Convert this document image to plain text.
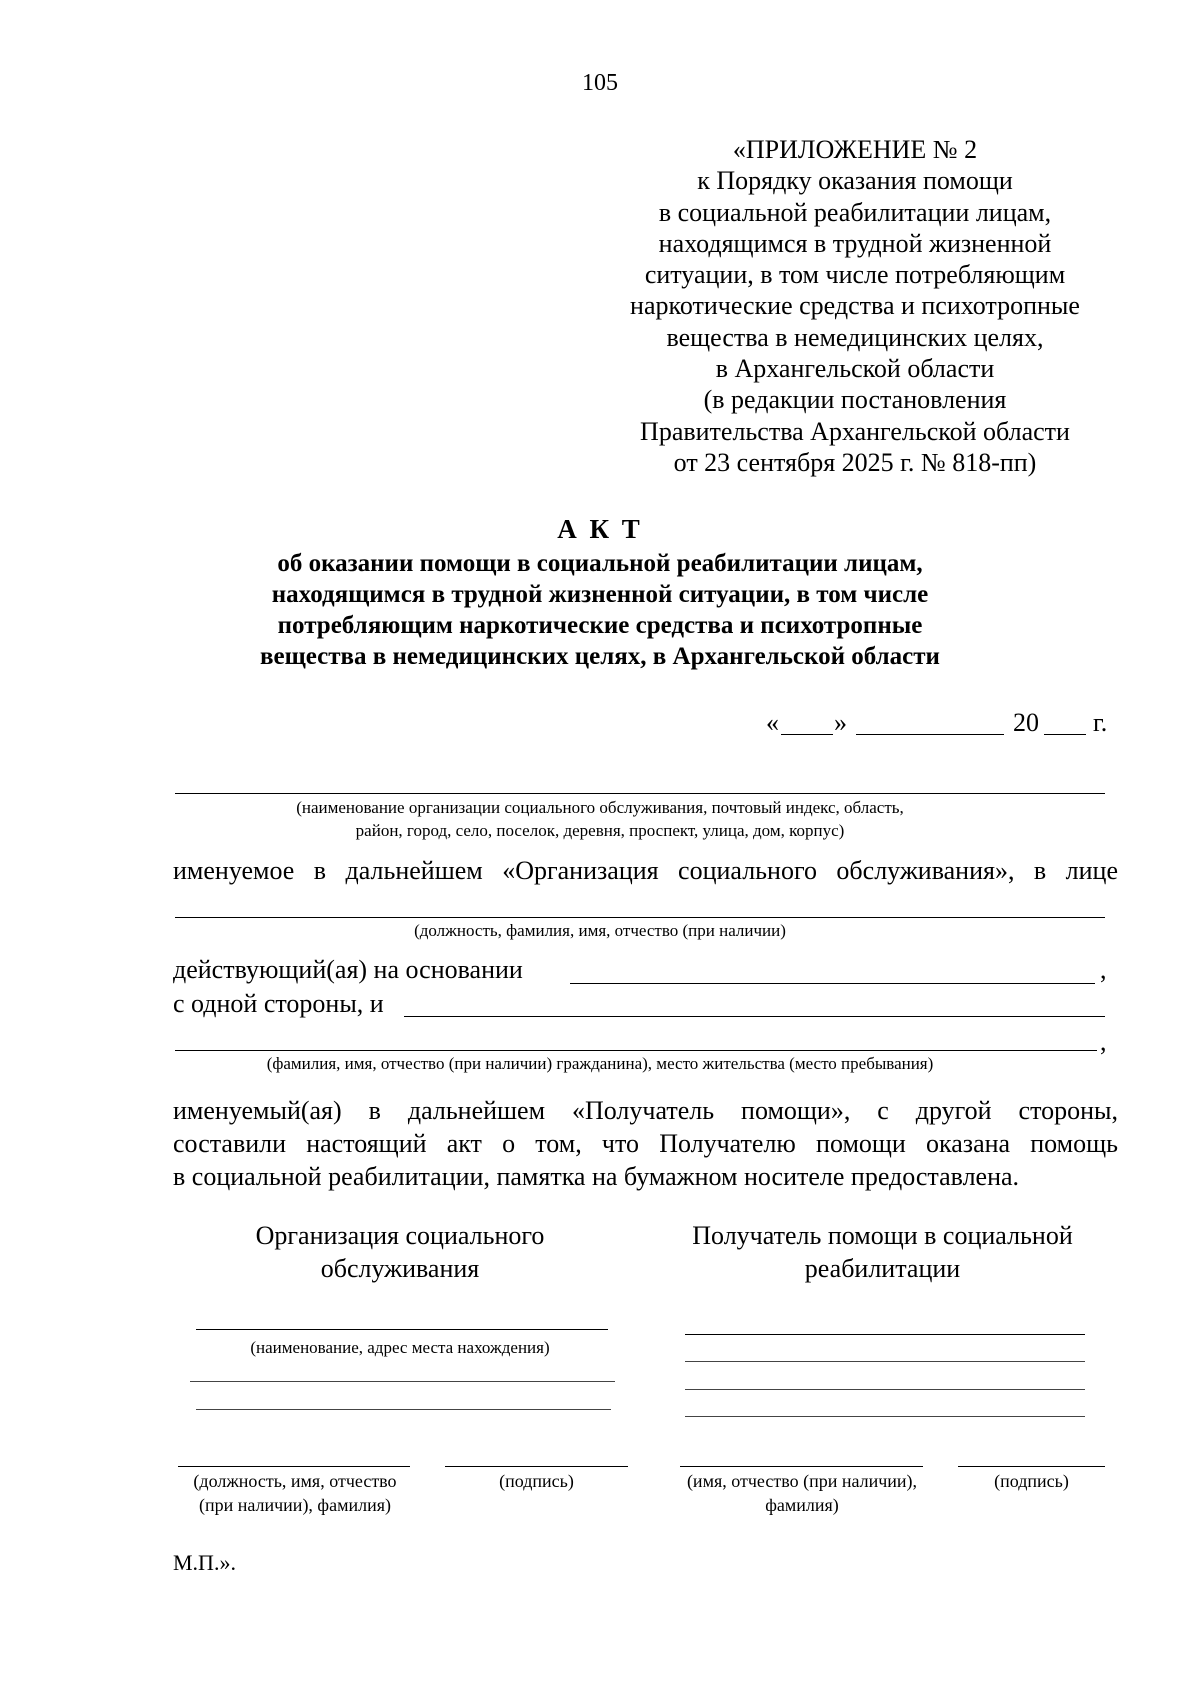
105
«ПРИЛОЖЕНИЕ № 2
к Порядку оказания помощи
в социальной реабилитации лицам,
находящимся в трудной жизненной
ситуации, в том числе потребляющим
наркотические средства и психотропные
вещества в немедицинских целях,
в Архангельской области
(в редакции постановления
Правительства Архангельской области
от 23 сентября 2025 г. № 818-пп)
А К Т
об оказании помощи в социальной реабилитации лицам,
находящимся в трудной жизненной ситуации, в том числе
потребляющим наркотические средства и психотропные
вещества в немедицинских целях, в Архангельской области
« »	20 г.
(наименование организации социального обслуживания, почтовый индекс, область,
район, город, село, поселок, деревня, проспект, улица, дом, корпус)
именуемое в дальнейшем «Организация социального обслуживания», в лице
(должность, фамилия, имя, отчество (при наличии)
действующий(ая) на основании	,
с одной стороны, и
,
(фамилия, имя, отчество (при наличии) гражданина), место жительства (место пребывания)
именуемый(ая) в дальнейшем «Получатель помощи», с другой стороны,
составили настоящий акт о том, что Получателю помощи оказана помощь
в социальной реабилитации, памятка на бумажном носителе предоставлена.
Организация социального
обслуживания
Получатель помощи в социальной
реабилитации
(наименование, адрес места нахождения)
(должность, имя, отчество
(при наличии), фамилия)
(подпись)	(имя, отчество (при наличии),
фамилия)
(подпись)
М.П.».
